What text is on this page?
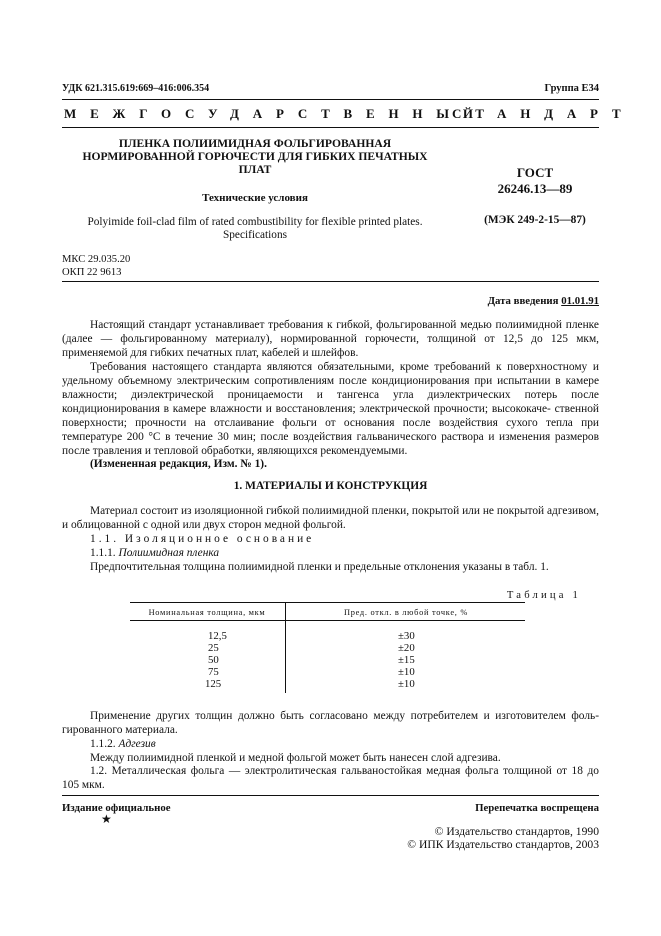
УДК 621.315.619:669–416:006.354	Группа Е34
МЕЖГОСУДАРСТВЕННЫЙ
СТАНДАРТ
ПЛЕНКА ПОЛИИМИДНАЯ ФОЛЬГИРОВАННАЯ
НОРМИРОВАННОЙ ГОРЮЧЕСТИ ДЛЯ ГИБКИХ ПЕЧАТНЫХ
ПЛАТ
Технические условия
Polyimide foil-clad film of rated combustibility for flexible printed plates.
Specifications
ГОСТ
26246.13—89
(МЭК 249-2-15—87)
МКС 29.035.20
ОКП 22 9613
Дата введения 01.01.91
Настоящий стандарт устанавливает требования к гибкой, фольгированной медью полиимидной пленке (далее — фольгированному материалу), нормированной горючести, толщиной от 12,5 до 125 мкм, применяемой для гибких печатных плат, кабелей и шлейфов.
Требования настоящего стандарта являются обязательными, кроме требований к поверхностному и удельному объемному электрическим сопротивлениям после кондиционирования при испытании в камере влажности; диэлектрической проницаемости и тангенса угла диэлектрических потерь после кондиционирования в камере влажности и восстановления; электрической прочности; высококаче- ственной поверхности; прочности на отслаивание фольги от основания после воздействия сухого тепла при температуре 200 °С в течение 30 мин; после воздействия гальванического раствора и изменения размеров после травления и тепловой обработки, являющихся рекомендуемыми.
(Измененная редакция, Изм. № 1).
1. МАТЕРИАЛЫ И КОНСТРУКЦИЯ
Материал состоит из изоляционной гибкой полиимидной пленки, покрытой или не покрытой адгезивом, и облицованной с одной или двух сторон медной фольгой.
1.1. Изоляционное основание
1.1.1. Полиимидная пленка
Предпочтительная толщина полиимидной пленки и предельные отклонения указаны в табл. 1.
Таблица 1
Номинальная толщина, мкм	Пред. откл. в любой точке, %
12,5	±30
25	±20
50	±15
75	±10
125	±10
Применение других толщин должно быть согласовано между потребителем и изготовителем фоль- гированного материала.
1.1.2. Адгезив
Между полиимидной пленкой и медной фольгой может быть нанесен слой адгезива.
1.2. Металлическая фольга — электролитическая гальваностойкая медная фольга толщиной от 18 до 105 мкм.
Издание официальное	Перепечатка воспрещена
★
© Издательство стандартов, 1990
© ИПК Издательство стандартов, 2003
